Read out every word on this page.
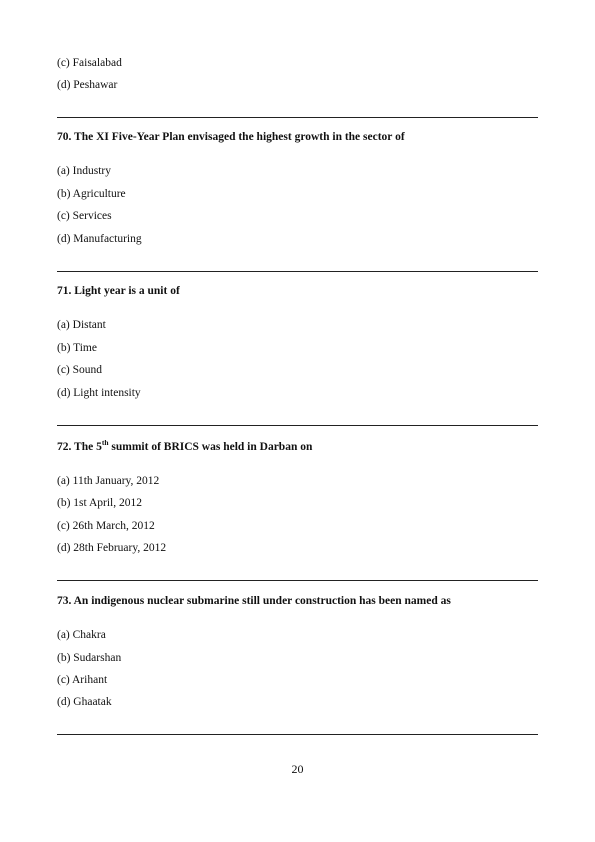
(c) Faisalabad
(d) Peshawar
70. The XI Five-Year Plan envisaged the highest growth in the sector of
(a) Industry
(b) Agriculture
(c) Services
(d) Manufacturing
71. Light year is a unit of
(a) Distant
(b) Time
(c) Sound
(d) Light intensity
72. The 5th summit of BRICS was held in Darban on
(a) 11th January, 2012
(b) 1st April, 2012
(c) 26th March, 2012
(d) 28th February, 2012
73. An indigenous nuclear submarine still under construction has been named as
(a) Chakra
(b) Sudarshan
(c) Arihant
(d) Ghaatak
20
